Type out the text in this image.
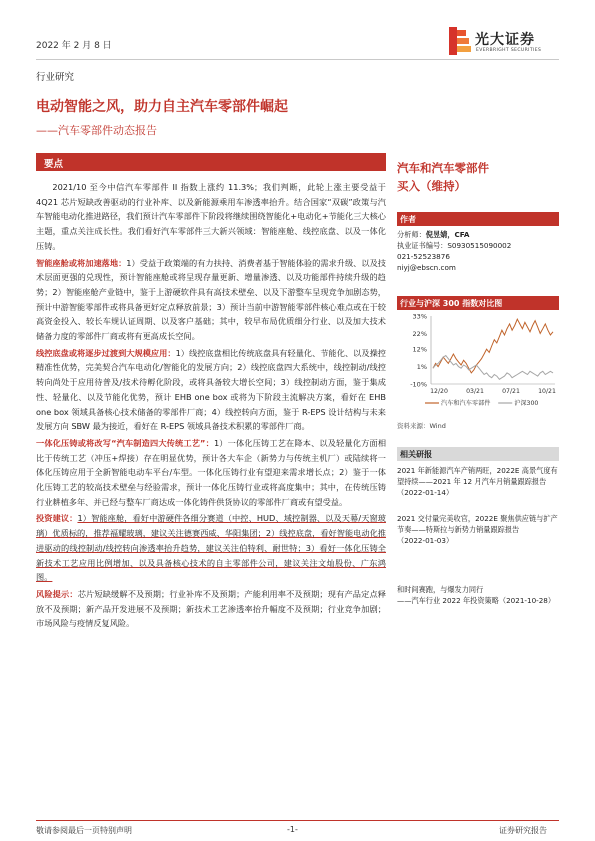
2022 年 2 月 8 日	光大证券
EVERBRIGHT SECURITIES
行业研究
电动智能之风，助力自主汽车零部件崛起
——汽车零部件动态报告
要点

2021/10 至今中信汽车零部件 II 指数上涨约 11.3%；我们判断，此轮上涨主要受益于 4Q21 芯片短缺改善驱动的行业补库、以及新能源乘用车渗透率抬升。结合国家“双碳”政策与汽车智能电动化推进路径，我们预计汽车零部件下阶段将继续围绕智能化+电动化+节能化三大核心主题，重点关注成长性。我们看好汽车零部件三大新兴领域：智能座舱、线控底盘、以及一体化压铸。

智能座舱或将加速落地：1）受益于政策端的有力扶持、消费者基于智能体验的需求升级、以及技术层面更强的兑现性，预计智能座舱或将呈现存量更新、增量渗透、以及功能部件持续升级的趋势；2）智能座舱产业链中，鉴于上游硬软件具有高技术壁垒、以及下游整车呈现竞争加剧态势，预计中游智能零部件或将具备更好定点释放前景；3）预计当前中游智能零部件核心难点或在于较高资金投入、较长车规认证周期、以及客户基础；其中，较早布局优质细分行业、以及加大技术储备力度的零部件厂商或将有更高成长空间。

线控底盘或将逐步过渡到大规模应用：1）线控底盘相比传统底盘具有轻量化、节能化、以及操控精准性优势，完美契合汽车电动化/智能化的发展方向；2）线控底盘四大系统中，线控制动/线控转向尚处于应用待普及/技术待孵化阶段，或将具备较大增长空间；3）线控制动方面，鉴于集成性、轻量化、以及节能化优势，预计 EHB one box 或将为下阶段主流解决方案，看好在 EHB one box 领域具备核心技术储备的零部件厂商；4）线控转向方面，鉴于 R-EPS 设计结构与未来发展方向 SBW 最为接近，看好在 R-EPS 领域具备技术积累的零部件厂商。

一体化压铸或将改写“汽车制造四大传统工艺”：1）一体化压铸工艺在降本、以及轻量化方面相比于传统工艺（冲压+焊接）存在明显优势，预计各大车企（新势力与传统主机厂）或陆续将一体化压铸应用于全新智能电动车平台/车型。一体化压铸行业有望迎来需求增长点；2）鉴于一体化压铸工艺的较高技术壁垒与经验需求，预计一体化压铸行业或将高度集中；其中，在传统压铸行业耕植多年、并已经与整车厂商达成一体化铸件供货协议的零部件厂商或有望受益。

投资建议：1）智能座舱，看好中游硬件各细分赛道（中控、HUD、域控制器、以及天幕/天窗玻璃）优质标的，推荐福耀玻璃，建议关注德赛西威、华阳集团；2）线控底盘，看好智能电动化推进驱动的线控制动/线控转向渗透率抬升趋势，建议关注伯特利、耐世特；3）看好一体化压铸全新技术工艺应用比例增加、以及具备核心技术的自主零部件公司，建议关注文灿股份、广东鸿图。

风险提示：芯片短缺缓解不及预期；行业补库不及预期；产能利用率不及预期；现有产品定点释放不及预期；新产品开发进展不及预期；新技术工艺渗透率抬升幅度不及预期；行业竞争加剧；市场风险与疫情反复风险。

汽车和汽车零部件
买入（维持）
作者
分析师：倪昱婧，CFA
执业证书编号：S0930515090002
021-52523876
niyj@ebscn.com
行业与沪深 300 指数对比图
33%
22%
12%
1%
-10%
12/20	03/21	07/21	10/21
汽车和汽车零部件	沪深300
资料来源：Wind
相关研报
2021 年新能源汽车产销两旺，2022E 高景气度有望持续——2021 年 12 月汽车月销量跟踪报告
（2022-01-14）
2021 交付量完美收官，2022E 聚焦供应链与扩产节奏——特斯拉与新势力销量跟踪报告
（2022-01-03）
和时间赛跑，与爆发力同行
——汽车行业 2022 年投资策略（2021-10-28）
敬请参阅最后一页特别声明	-1-	证券研究报告
